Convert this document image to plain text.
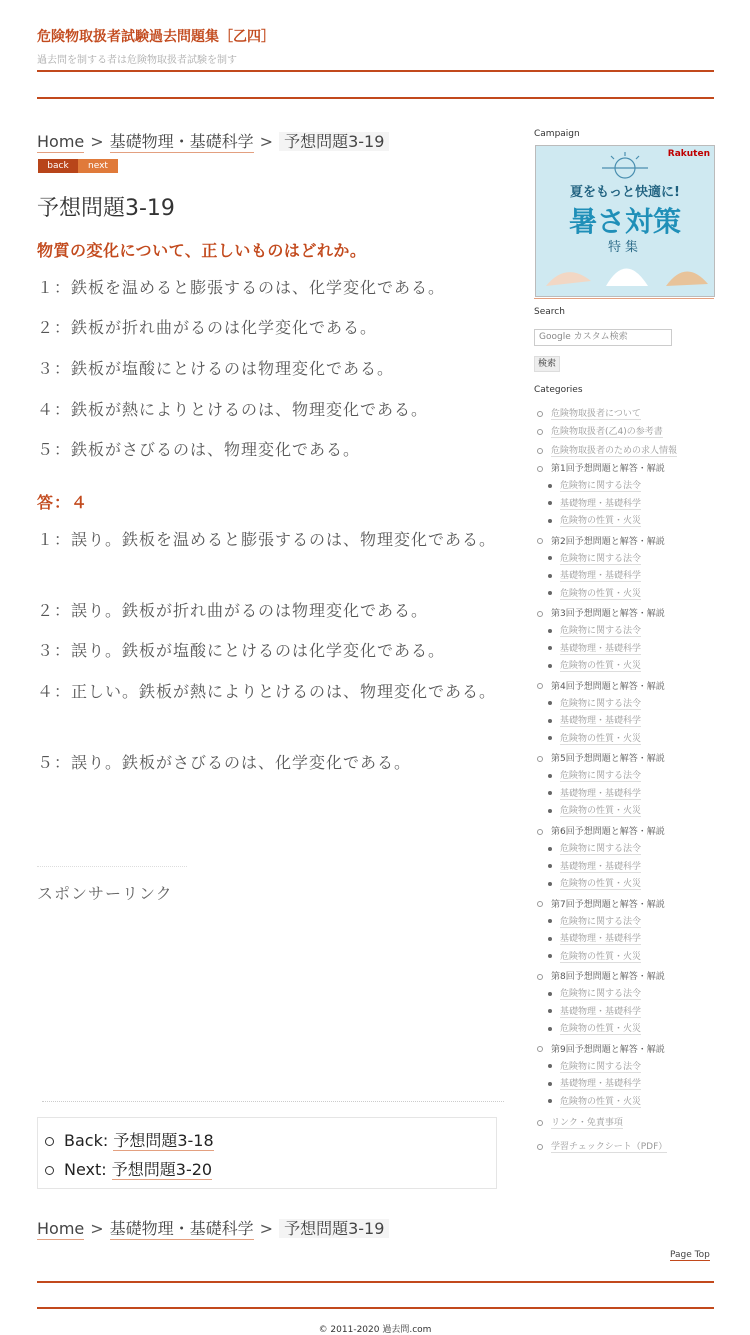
危険物取扱者試験過去問題集［乙四］
過去問を制する者は危険物取扱者試験を制す
Home > 基礎物理・基礎科学 > 予想問題3-19
back	next
予想問題3-19
物質の変化について、正しいものはどれか。
１：鉄板を温めると膨張するのは、化学変化である。
２：鉄板が折れ曲がるのは化学変化である。
３：鉄板が塩酸にとけるのは物理変化である。
４：鉄板が熱によりとけるのは、物理変化である。
５：鉄板がさびるのは、物理変化である。
答：４
１：誤り。鉄板を温めると膨張するのは、物理変化である。
２：誤り。鉄板が折れ曲がるのは物理変化である。
３：誤り。鉄板が塩酸にとけるのは化学変化である。
４：正しい。鉄板が熱によりとけるのは、物理変化である。
５：誤り。鉄板がさびるのは、化学変化である。
スポンサーリンク
Back: 予想問題3-18
Next: 予想問題3-20
Home > 基礎物理・基礎科学 > 予想問題3-19
Campaign
Rakuten
夏をもっと快適に!
暑さ対策
特集
Search
Google カスタム検索
検索
Categories
危険物取扱者について
危険物取扱者(乙4)の参考書
危険物取扱者のための求人情報
第1回予想問題と解答・解説
危険物に関する法令
基礎物理・基礎科学
危険物の性質・火災
第2回予想問題と解答・解説
危険物に関する法令
基礎物理・基礎科学
危険物の性質・火災
第3回予想問題と解答・解説
危険物に関する法令
基礎物理・基礎科学
危険物の性質・火災
第4回予想問題と解答・解説
危険物に関する法令
基礎物理・基礎科学
危険物の性質・火災
第5回予想問題と解答・解説
危険物に関する法令
基礎物理・基礎科学
危険物の性質・火災
第6回予想問題と解答・解説
危険物に関する法令
基礎物理・基礎科学
危険物の性質・火災
第7回予想問題と解答・解説
危険物に関する法令
基礎物理・基礎科学
危険物の性質・火災
第8回予想問題と解答・解説
危険物に関する法令
基礎物理・基礎科学
危険物の性質・火災
第9回予想問題と解答・解説
危険物に関する法令
基礎物理・基礎科学
危険物の性質・火災
リンク・免責事項
学習チェックシート（PDF）
Page Top
© 2011-2020 過去問.com
